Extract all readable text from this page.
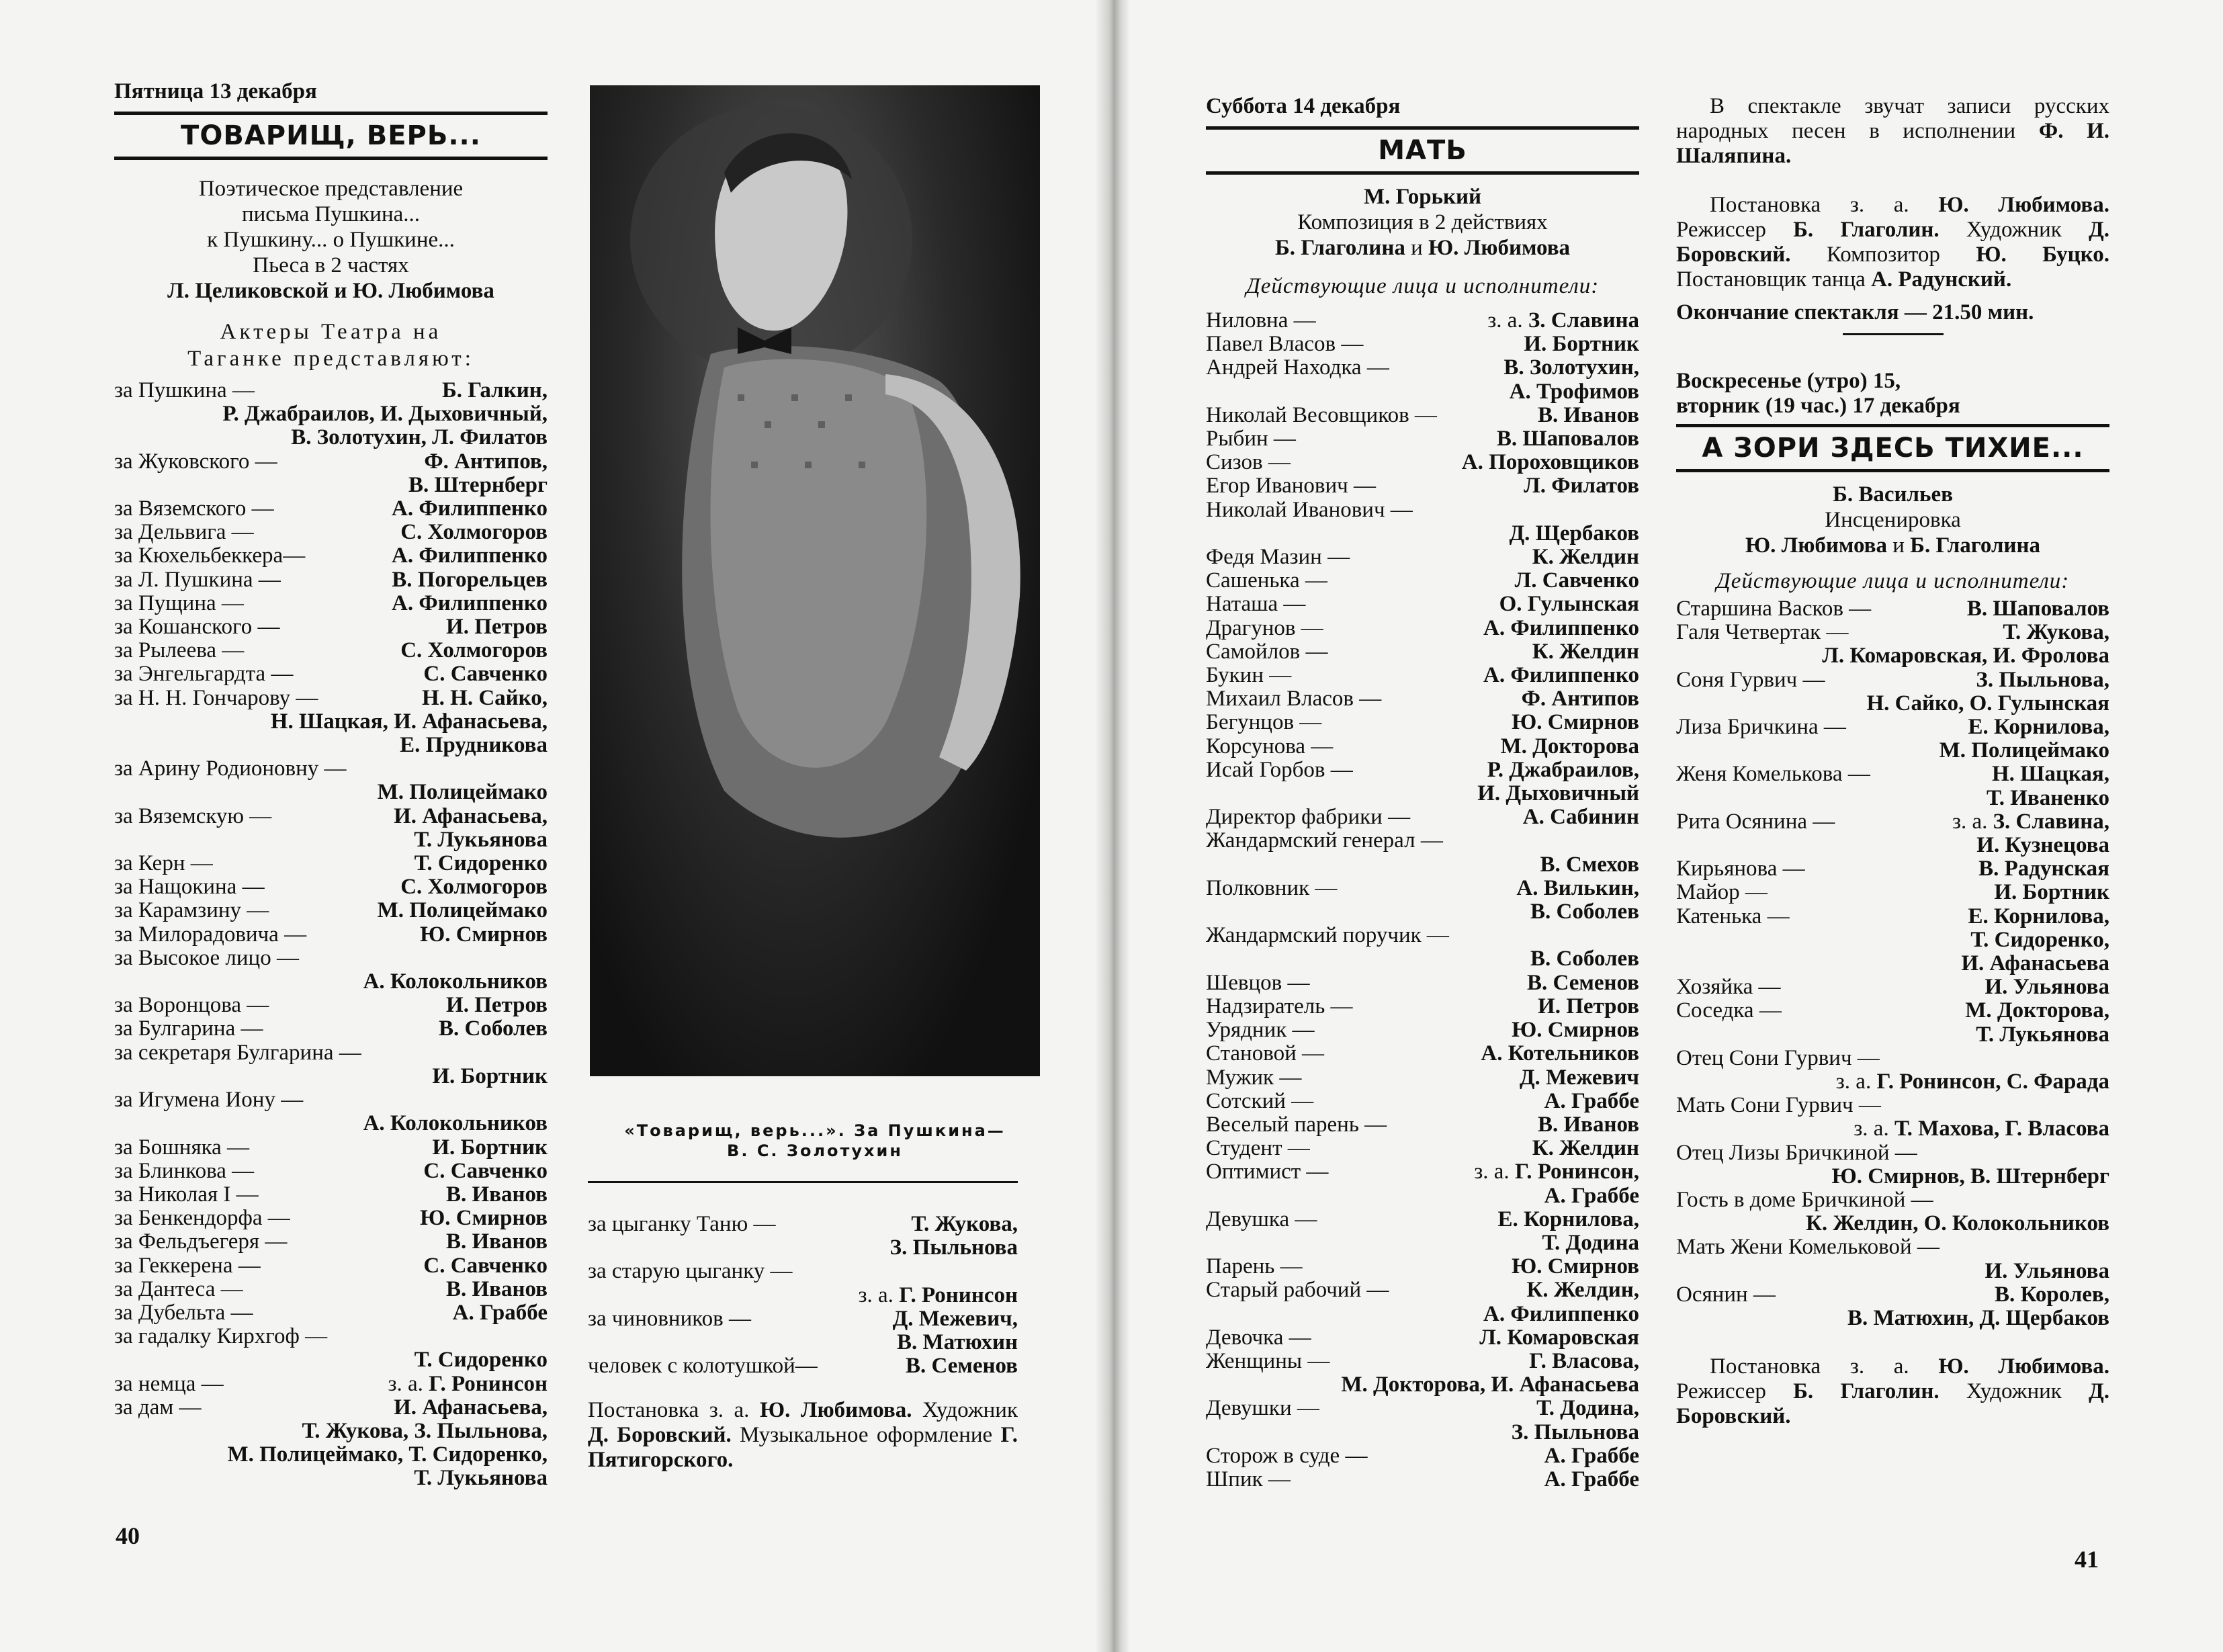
Пятница 13 декабря
ТОВАРИЩ, ВЕРЬ...
Поэтическое представление
письма Пушкина...
к Пушкину... о Пушкине...
Пьеса в 2 частях
Л. Целиковской и Ю. Любимова
Актеры Театра на
Таганке представляют:
за Пушкина —	Б. Галкин,
Р. Джабраилов, И. Дыховичный,
В. Золотухин, Л. Филатов
за Жуковского —	Ф. Антипов,
В. Штернберг
за Вяземского —	А. Филиппенко
за Дельвига —	С. Холмогоров
за Кюхельбеккера—	А. Филиппенко
за Л. Пушкина —	В. Погорельцев
за Пущина —	А. Филиппенко
за Кошанского —	И. Петров
за Рылеева —	С. Холмогоров
за Энгельгардта —	С. Савченко
за Н. Н. Гончарову —	Н. Н. Сайко,
Н. Шацкая, И. Афанасьева,
Е. Прудникова
за Арину Родионовну —
М. Полицеймако
за Вяземскую —	И. Афанасьева,
Т. Лукьянова
за Керн —	Т. Сидоренко
за Нащокина —	С. Холмогоров
за Карамзину —	М. Полицеймако
за Милорадовича —	Ю. Смирнов
за Высокое лицо —
А. Колокольников
за Воронцова —	И. Петров
за Булгарина —	В. Соболев
за секретаря Булгарина —
И. Бортник
за Игумена Иону —
А. Колокольников
за Бошняка —	И. Бортник
за Блинкова —	С. Савченко
за Николая I —	В. Иванов
за Бенкендорфа —	Ю. Смирнов
за Фельдъегеря —	В. Иванов
за Геккерена —	С. Савченко
за Дантеса —	В. Иванов
за Дубельта —	А. Граббе
за гадалку Кирхгоф —
Т. Сидоренко
за немца —	з. а. Г. Ронинсон
за дам —	И. Афанасьева,
Т. Жукова, З. Пыльнова,
М. Полицеймако, Т. Сидоренко,
Т. Лукьянова
40
«Товарищ, верь...». За Пушкина—
В. С. Золотухин
за цыганку Таню —	Т. Жукова,
З. Пыльнова
за старую цыганку —
з. а. Г. Ронинсон
за чиновников —	Д. Межевич,
В. Матюхин
человек с колотушкой—	В. Семенов

Постановка з. а. Ю. Любимова. Художник Д. Боровский. Музыкальное оформление Г. Пятигорского.

Суббота 14 декабря
МАТЬ
М. Горький
Композиция в 2 действиях
Б. Глаголина и Ю. Любимова
Действующие лица и исполнители:
Ниловна —	з. а. З. Славина
Павел Власов —	И. Бортник
Андрей Находка —	В. Золотухин,
А. Трофимов
Николай Весовщиков —	В. Иванов
Рыбин —	В. Шаповалов
Сизов —	А. Пороховщиков
Егор Иванович —	Л. Филатов
Николай Иванович —
Д. Щербаков
Федя Мазин —	К. Желдин
Сашенька —	Л. Савченко
Наташа —	О. Гулынская
Драгунов —	А. Филиппенко
Самойлов —	К. Желдин
Букин —	А. Филиппенко
Михаил Власов —	Ф. Антипов
Бегунцов —	Ю. Смирнов
Корсунова —	М. Докторова
Исай Горбов —	Р. Джабраилов,
И. Дыховичный
Директор фабрики —	А. Сабинин
Жандармский генерал —
В. Смехов
Полковник —	А. Вилькин,
В. Соболев
Жандармский поручик —
В. Соболев
Шевцов —	В. Семенов
Надзиратель —	И. Петров
Урядник —	Ю. Смирнов
Становой —	А. Котельников
Мужик —	Д. Межевич
Сотский —	А. Граббе
Веселый парень —	В. Иванов
Студент —	К. Желдин
Оптимист —	з. а. Г. Ронинсон,
А. Граббе
Девушка —	Е. Корнилова,
Т. Додина
Парень —	Ю. Смирнов
Старый рабочий —	К. Желдин,
А. Филиппенко
Девочка —	Л. Комаровская
Женщины —	Г. Власова,
М. Докторова, И. Афанасьева
Девушки —	Т. Додина,
З. Пыльнова
Сторож в суде —	А. Граббе
Шпик —	А. Граббе

В спектакле звучат записи русских народных песен в исполнении Ф. И. Шаляпина.

Постановка з. а. Ю. Любимова. Режиссер Б. Глаголин. Художник Д. Боровский. Композитор Ю. Буцко. Постановщик танца А. Радунский.

Окончание спектакля — 21.50 мин.

Воскресенье (утро) 15,
вторник (19 час.) 17 декабря
А ЗОРИ ЗДЕСЬ ТИХИЕ...
Б. Васильев
Инсценировка
Ю. Любимова и Б. Глаголина
Действующие лица и исполнители:
Старшина Васков —	В. Шаповалов
Галя Четвертак —	Т. Жукова,
Л. Комаровская, И. Фролова
Соня Гурвич —	З. Пыльнова,
Н. Сайко, О. Гулынская
Лиза Бричкина —	Е. Корнилова,
М. Полицеймако
Женя Комелькова —	Н. Шацкая,
Т. Иваненко
Рита Осянина —	з. а. З. Славина,
И. Кузнецова
Кирьянова —	В. Радунская
Майор —	И. Бортник
Катенька —	Е. Корнилова,
Т. Сидоренко,
И. Афанасьева
Хозяйка —	И. Ульянова
Соседка —	М. Докторова,
Т. Лукьянова
Отец Сони Гурвич —
з. а. Г. Ронинсон, С. Фарада
Мать Сони Гурвич —
з. а. Т. Махова, Г. Власова
Отец Лизы Бричкиной —
Ю. Смирнов, В. Штернберг
Гость в доме Бричкиной —
К. Желдин, О. Колокольников
Мать Жени Комельковой —
И. Ульянова
Осянин —	В. Королев,
В. Матюхин, Д. Щербаков

Постановка з. а. Ю. Любимова. Режиссер Б. Глаголин. Художник Д. Боровский.

41
